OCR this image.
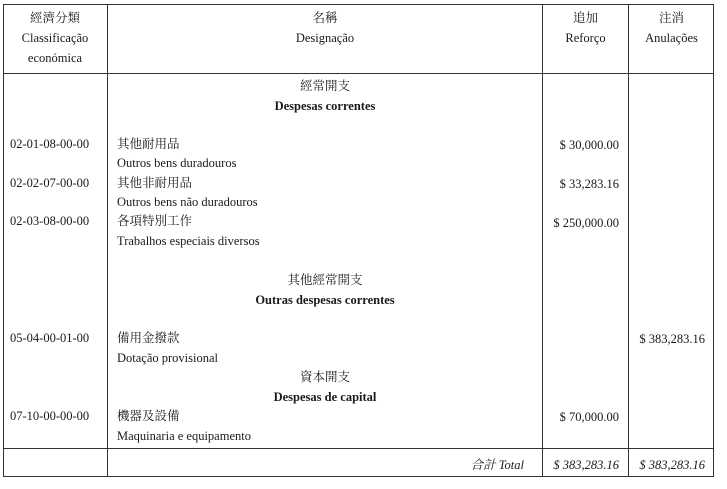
經濟分類
Classificação
económica
名稱
Designação
追加
Reforço
注消
Anulações
經常開支
Despesas correntes
02-01-08-00-00 其他耐用品
Outros bens duradouros
$ 30,000.00
02-02-07-00-00 其他非耐用品
Outros bens não duradouros
$ 33,283.16
02-03-08-00-00 各項特別工作
Trabalhos especiais diversos
$ 250,000.00
其他經常開支
Outras despesas correntes
05-04-00-01-00 備用金撥款
Dotação provisional
$ 383,283.16
資本開支
Despesas de capital
07-10-00-00-00 機器及設備
Maquinaria e equipamento
$ 70,000.00
合計 Total	$ 383,283.16	$ 383,283.16
